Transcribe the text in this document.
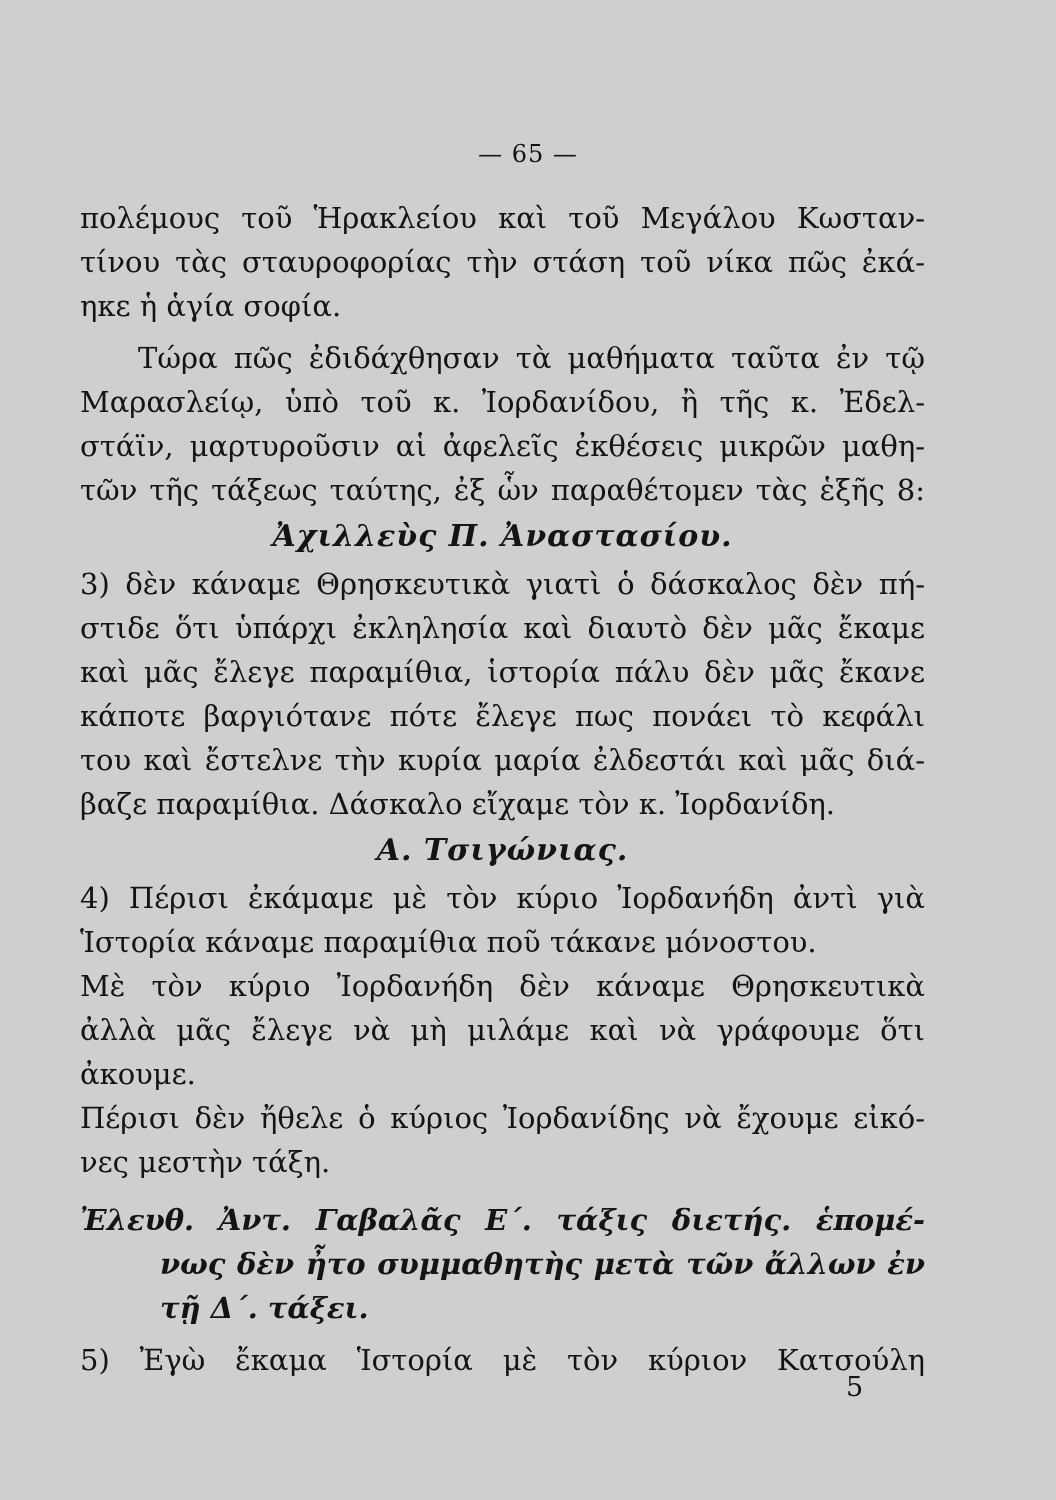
— 65 —
πολέμους τοῦ Ἡρακλείου καὶ τοῦ Μεγάλου Κωσταν-
τίνου τὰς σταυροφορίας τὴν στάση τοῦ νίκα πῶς ἐκά-
ηκε ἡ ἁγία σοφία.
Τώρα πῶς ἐδιδάχθησαν τὰ μαθήματα ταῦτα ἐν τῷ
Μαρασλείῳ, ὑπὸ τοῦ κ. Ἰορδανίδου, ἢ τῆς κ. Ἐδελ-
στάϊν, μαρτυροῦσιν αἱ ἀφελεῖς ἐκθέσεις μικρῶν μαθη-
τῶν τῆς τάξεως ταύτης, ἐξ ὧν παραθέτομεν τὰς ἑξῆς 8:
Ἀχιλλεὺς Π. Ἀναστασίου.
3) δὲν κάναμε Θρησκευτικὰ γιατὶ ὁ δάσκαλος δὲν πή-
στιδε ὅτι ὑπάρχι ἐκληλησία καὶ διαυτὸ δὲν μᾶς ἔκαμε
καὶ μᾶς ἔλεγε παραμίθια, ἱστορία πάλυ δὲν μᾶς ἔκανε
κάποτε βαργιότανε πότε ἔλεγε πως πονάει τὸ κεφάλι
του καὶ ἔστελνε τὴν κυρία μαρία ἐλδεστάι καὶ μᾶς διά-
βαζε παραμίθια. Δάσκαλο εἴχαμε τὸν κ. Ἰορδανίδη.
Α. Τσιγώνιας.
4) Πέρισι ἐκάμαμε μὲ τὸν κύριο Ἰορδανήδη ἀντὶ γιὰ
Ἱστορία κάναμε παραμίθια ποῦ τάκανε μόνοστου.
Μὲ τὸν κύριο Ἰορδανήδη δὲν κάναμε Θρησκευτικὰ
ἀλλὰ μᾶς ἔλεγε νὰ μὴ μιλάμε καὶ νὰ γράφουμε ὅτι
ἀκουμε.
Πέρισι δὲν ἤθελε ὁ κύριος Ἰορδανίδης νὰ ἔχουμε εἰκό-
νες μεστὴν τάξη.
Ἐλευθ. Ἀντ. Γαβαλᾶς Ε΄. τάξις διετής. ἑπομέ-
νως δὲν ἦτο συμμαθητὴς μετὰ τῶν ἄλλων ἐν
τῇ Δ΄. τάξει.
5) Ἐγὼ ἔκαμα Ἱστορία μὲ τὸν κύριον Κατσούλη
5
